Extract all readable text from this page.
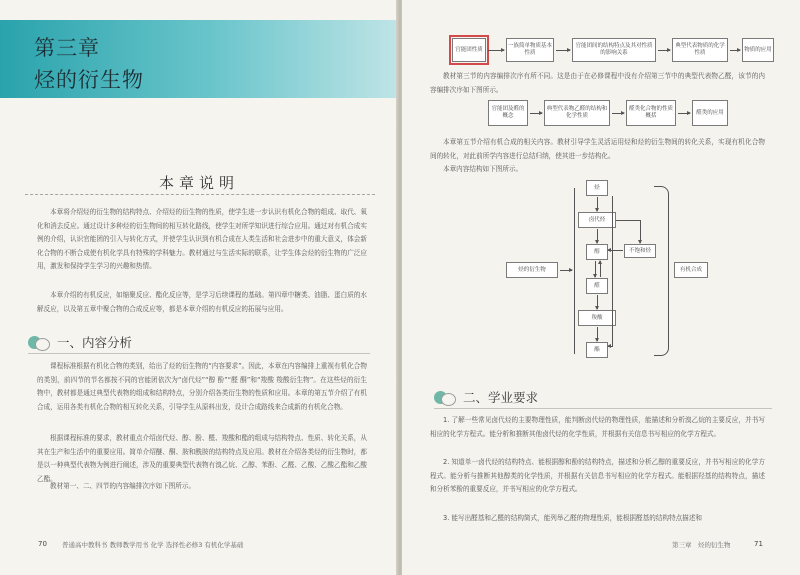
第三章
烃的衍生物
本章说明
本章将介绍烃的衍生物的结构特点、介绍烃的衍生物的性质，使学生进一步认识有机化合物的组成、取代、氧化和消去反应。通过设计多种烃的衍生物间的相互转化路线，使学生对所学知识进行综合应用。通过对有机合成实例的介绍，认识官能团的引入与转化方式，并使学生认识到有机合成在人类生活和社会进步中的重大意义，体会新化合物的不断合成使有机化学具有特殊的学科魅力。教材通过与生活实际的联系，让学生体会烃的衍生物的广泛应用，激发和保持学生学习的兴趣和热情。
本章介绍的有机反应，如缩聚反应、酯化反应等，是学习后续课程的基础。第四章中糖类、油脂、蛋白质的水解反应，以及第五章中聚合物的合成反应等，都是本章介绍的有机反应的拓展与应用。
一、内容分析
课程标准根据有机化合物的类别，给出了烃的衍生物的“内容要求”。因此，本章在内容编排上重视有机化合物的类别，前四节的节名都按不同的官能团依次为“卤代烃”“醇 酚”“醛 酮”和“羧酸 羧酸衍生物”。在这些烃的衍生物中，教材都是通过典型代表物的组成和结构特点，分别介绍各类衍生物的性质和应用。本章的第五节介绍了有机合成，运用各类有机化合物的相互转化关系，引导学生从原料出发，设计合成路线来合成新的有机化合物。
根据课程标准的要求，教材重点介绍卤代烃、醇、酚、醛、羧酸和酯的组成与结构特点、性质、转化关系，从其在生产和生活中的重要应用。简单介绍醚、酮、胺和酰胺的结构特点及应用。教材在介绍各类烃的衍生物时，都是以一种典型代表物为例进行阐述，涉及的重要典型代表物有溴乙烷、乙醇、苯酚、乙醛、乙酸、乙酸乙酯和乙酸乙酯。
教材第一、二、四节的内容编排次序如下图所示。
70 普通高中教科书 教师教学用书 化学 选择性必修3 有机化学基础
官能团性质
一族简单物质基本性质
官能团间的结构特点及其对性质的影响关系
典型代表物质的化学性质
物质的应用
教材第三节的内容编排次序有所不同。这是由于在必修课程中没有介绍第三节中的典型代表物乙醛，该节的内容编排次序如下图所示。
官能团及醛的概念
典型代表物乙醛的结构和化学性质
醛类化合物的性质概括
醛类的应用
本章第五节介绍有机合成的相关内容。教材引导学生灵活运用烃和烃的衍生物间的转化关系，实现有机化合物间的转化，对此前所学内容进行总结归纳，使其进一步结构化。
本章内容结构如下图所示。
烃的衍生物
烃
卤代烃
醇
醛
羧酸
酯
不饱和烃
有机合成
二、学业要求
1. 了解一些常见卤代烃的主要物理性质，能判断卤代烃的物理性质，能描述和分析溴乙烷的主要反应，并书写相应的化学方程式。能分析和推断其他卤代烃的化学性质，并根据有关信息书写相应的化学方程式。
2. 知道单一卤代烃的结构特点、能根据醇和酚的结构特点，描述和分析乙醇的重要反应，并书写相应的化学方程式。能分析与推断其他醇类的化学性质，并根据有关信息书写相应的化学方程式。能根据羟基的结构特点，描述和分析苯酚的重要反应，并书写相应的化学方程式。
3. 能写出醛基和乙醛的结构简式，能列举乙醛的物理性质，能根据醛基的结构特点描述和
第三章　烃的衍生物	71
